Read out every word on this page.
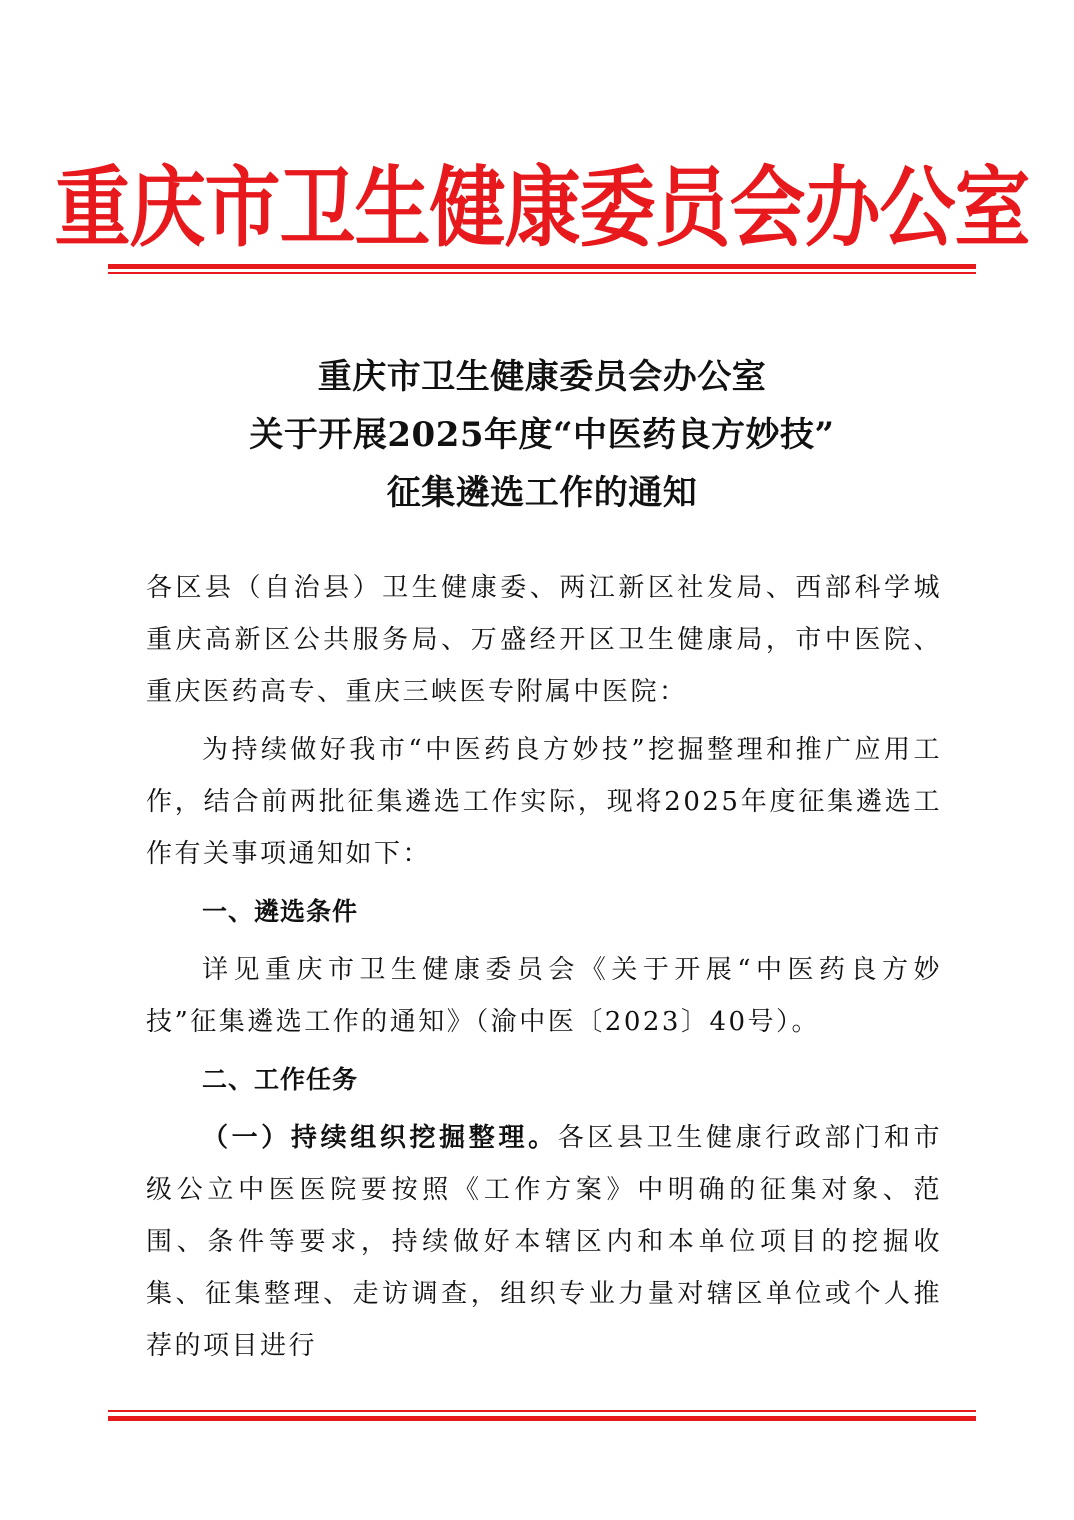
重庆市卫生健康委员会办公室
重庆市卫生健康委员会办公室
关于开展2025年度“中医药良方妙技”
征集遴选工作的通知

各区县（自治县）卫生健康委、两江新区社发局、西部科学城重庆高新区公共服务局、万盛经开区卫生健康局，市中医院、重庆医药高专、重庆三峡医专附属中医院：

为持续做好我市“中医药良方妙技”挖掘整理和推广应用工作，结合前两批征集遴选工作实际，现将2025年度征集遴选工作有关事项通知如下：

一、遴选条件

详见重庆市卫生健康委员会《关于开展“中医药良方妙技”征集遴选工作的通知》（渝中医〔2023〕40号）。

二、工作任务

（一）持续组织挖掘整理。各区县卫生健康行政部门和市级公立中医医院要按照《工作方案》中明确的征集对象、范围、条件等要求，持续做好本辖区内和本单位项目的挖掘收集、征集整理、走访调查，组织专业力量对辖区单位或个人推荐的项目进行
